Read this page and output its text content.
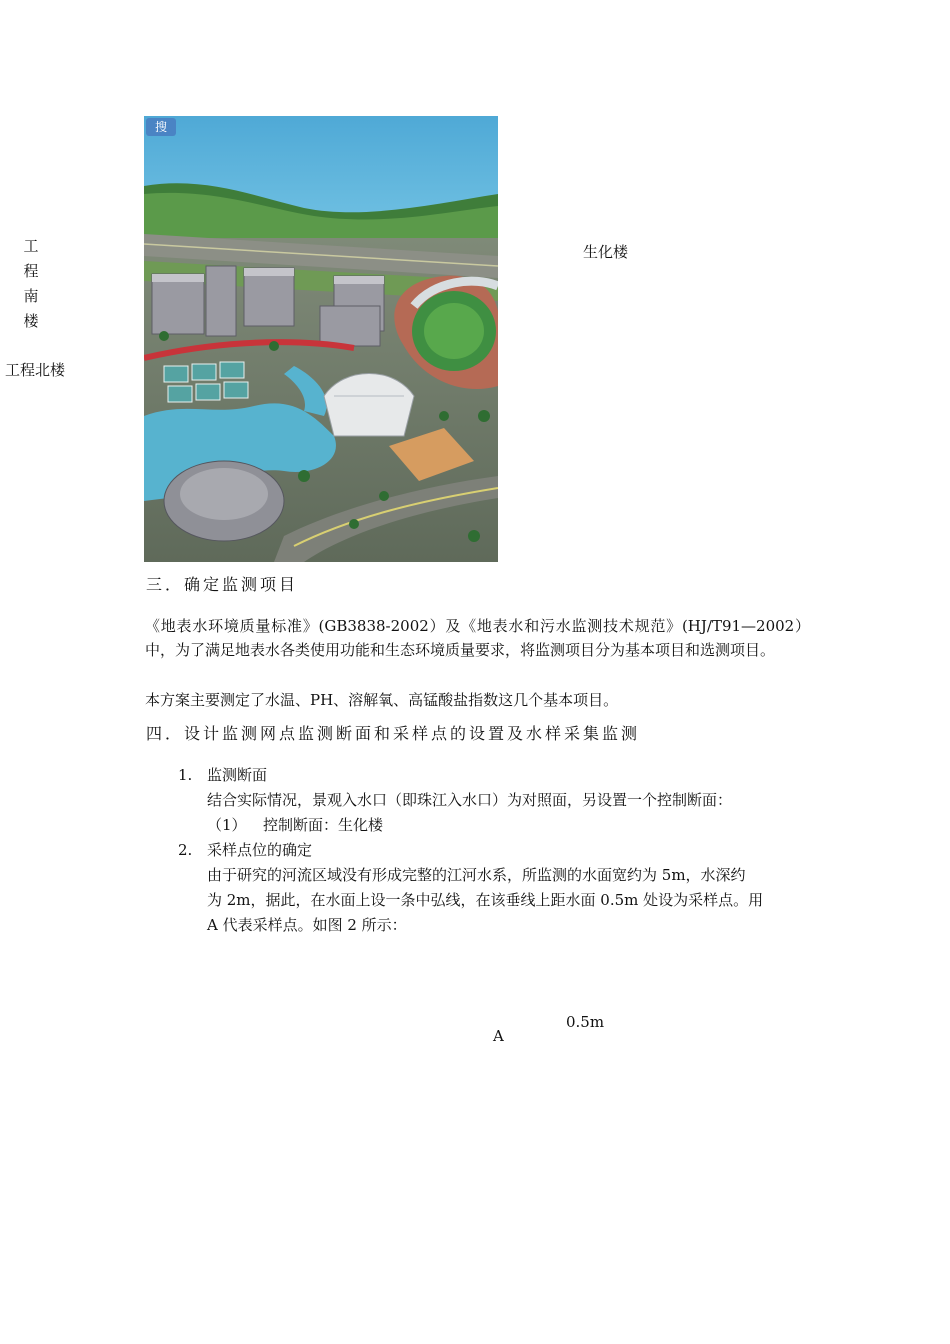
搜
工程南楼
工程北楼
生化楼
三．确定监测项目
《地表水环境质量标准》(GB3838-2002）及《地表水和污水监测技术规范》(HJ/T91—2002）中，为了满足地表水各类使用功能和生态环境质量要求，将监测项目分为基本项目和选测项目。
本方案主要测定了水温、PH、溶解氧、高锰酸盐指数这几个基本项目。
四．设计监测网点监测断面和采样点的设置及水样采集监测
1. 监测断面
结合实际情况，景观入水口（即珠江入水口）为对照面，另设置一个控制断面：
（1） 控制断面：生化楼
2. 采样点位的确定
由于研究的河流区域没有形成完整的江河水系，所监测的水面宽约为 5m，水深约
为 2m，据此，在水面上设一条中弘线，在该垂线上距水面 0.5m 处设为采样点。用
A 代表采样点。如图 2 所示：
0.5m
A
